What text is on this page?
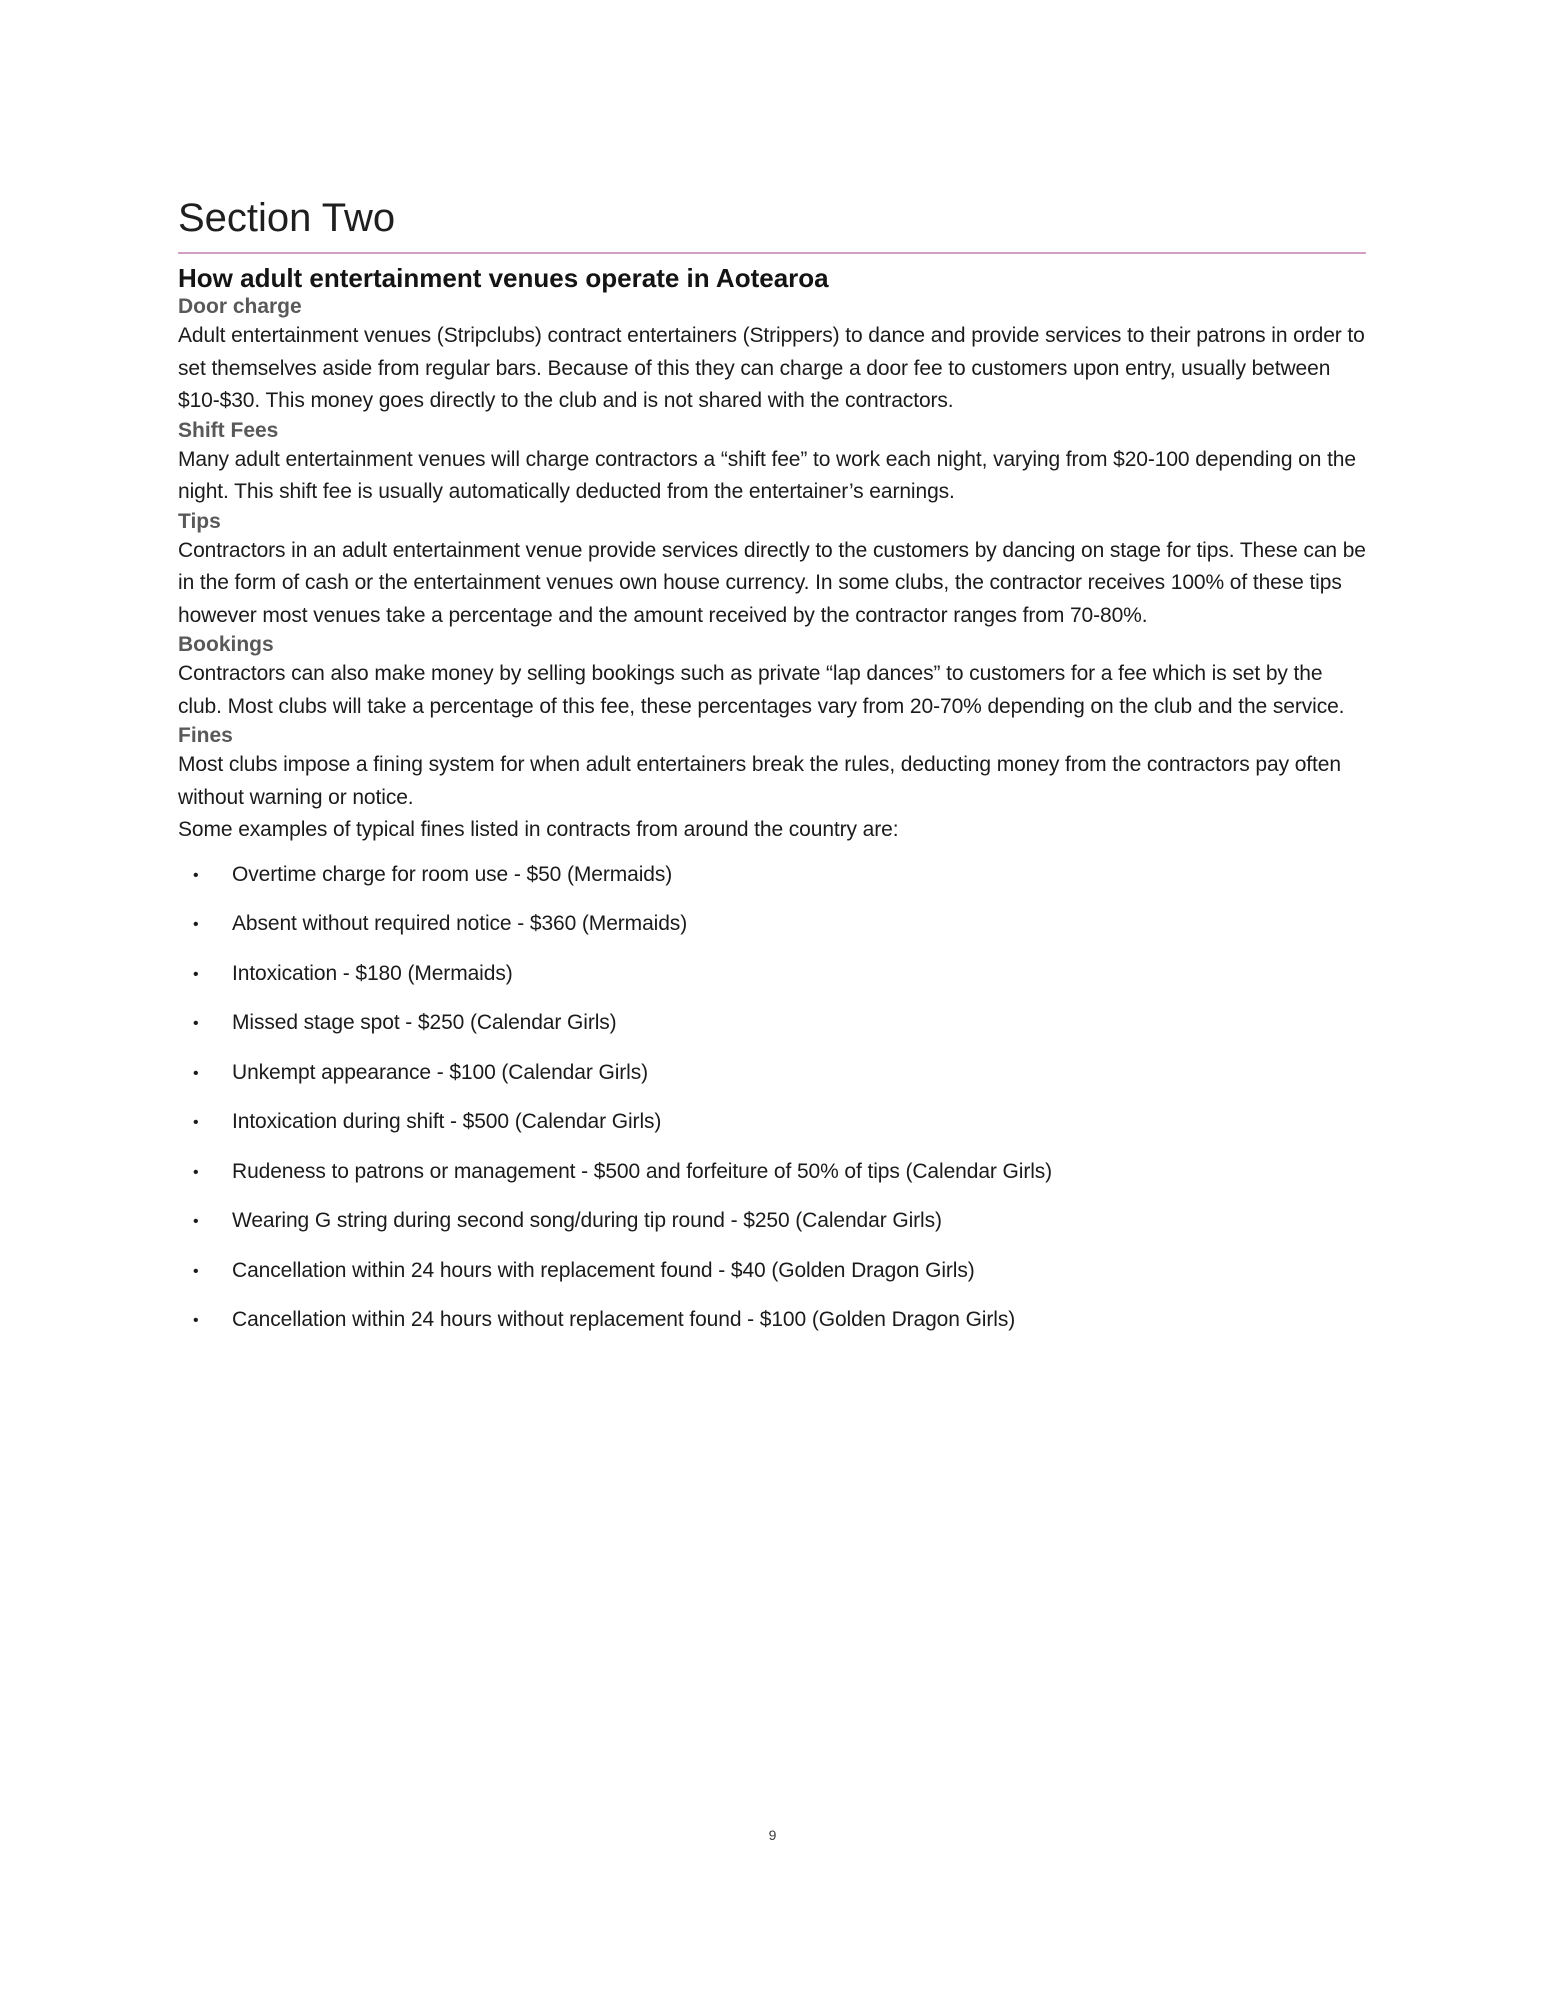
Section Two
How adult entertainment venues operate in Aotearoa
Door charge

Adult entertainment venues (Stripclubs) contract entertainers (Strippers) to dance and provide services to their patrons in order to set themselves aside from regular bars. Because of this they can charge a door fee to customers upon entry, usually between $10-$30. This money goes directly to the club and is not shared with the contractors.

Shift Fees

Many adult entertainment venues will charge contractors a “shift fee” to work each night, varying from $20-100 depending on the night. This shift fee is usually automatically deducted from the entertainer’s earnings.

Tips

Contractors in an adult entertainment venue provide services directly to the customers by dancing on stage for tips. These can be in the form of cash or the entertainment venues own house currency. In some clubs, the contractor receives 100% of these tips however most venues take a percentage and the amount received by the contractor ranges from 70-80%.

Bookings

Contractors can also make money by selling bookings such as private “lap dances” to customers for a fee which is set by the club. Most clubs will take a percentage of this fee, these percentages vary from 20-70% depending on the club and the service.

Fines

Most clubs impose a fining system for when adult entertainers break the rules, deducting money from the contractors pay often without warning or notice.

Some examples of typical fines listed in contracts from around the country are:

• Overtime charge for room use - $50 (Mermaids)
• Absent without required notice - $360 (Mermaids)
• Intoxication - $180 (Mermaids)
• Missed stage spot - $250 (Calendar Girls)
• Unkempt appearance - $100 (Calendar Girls)
• Intoxication during shift - $500 (Calendar Girls)
• Rudeness to patrons or management - $500 and forfeiture of 50% of tips (Calendar Girls)
• Wearing G string during second song/during tip round - $250 (Calendar Girls)
• Cancellation within 24 hours with replacement found - $40 (Golden Dragon Girls)
• Cancellation within 24 hours without replacement found - $100 (Golden Dragon Girls)
9
